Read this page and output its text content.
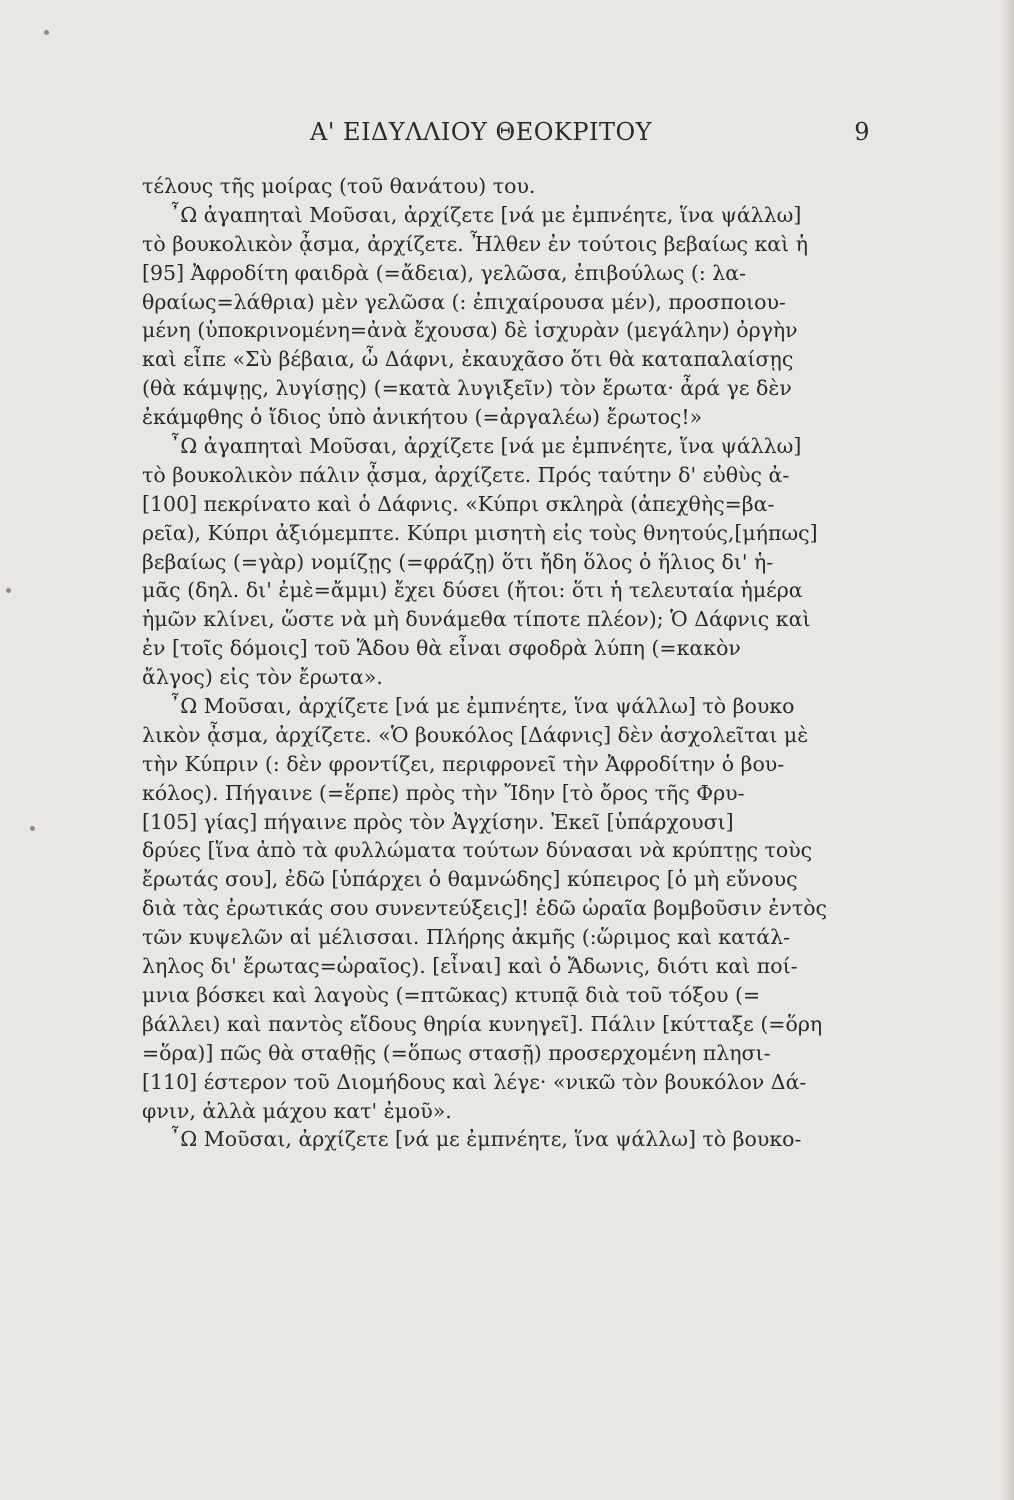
Α' ΕΙΔΥΛΛΙΟΥ ΘΕΟΚΡΙΤΟΥ	9
τέλους τῆς μοίρας (τοῦ θανάτου) του.
῏Ω ἀγαπηταὶ Μοῦσαι, ἀρχίζετε [νά με ἐμπνέητε, ἵνα ψάλλω]
τὸ βουκολικὸν ᾆσμα, ἀρχίζετε. Ἦλθεν ἐν τούτοις βεβαίως καὶ ἡ
[95] Ἀφροδίτη φαιδρὰ (=ἄδεια), γελῶσα, ἐπιβούλως (: λα-
θραίως=λάθρια) μὲν γελῶσα (: ἐπιχαίρουσα μέν), προσποιου-
μένη (ὑποκρινομένη=ἀνὰ ἔχουσα) δὲ ἰσχυρὰν (μεγάλην) ὀργὴν
καὶ εἶπε «Σὺ βέβαια, ὦ Δάφνι, ἐκαυχᾶσο ὅτι θὰ καταπαλαίσῃς
(θὰ κάμψῃς, λυγίσῃς) (=κατὰ λυγιξεῖν) τὸν ἔρωτα· ἆρά γε δὲν
ἐκάμφθης ὁ ἴδιος ὑπὸ ἀνικήτου (=ἀργαλέω) ἔρωτος!»
῏Ω ἀγαπηταὶ Μοῦσαι, ἀρχίζετε [νά με ἐμπνέητε, ἵνα ψάλλω]
τὸ βουκολικὸν πάλιν ᾆσμα, ἀρχίζετε. Πρός ταύτην δ' εὐθὺς ἀ-
[100] πεκρίνατο καὶ ὁ Δάφνις. «Κύπρι σκληρὰ (ἀπεχθὴς=βα-
ρεῖα), Κύπρι ἀξιόμεμπτε. Κύπρι μισητὴ εἰς τοὺς θνητούς,[μήπως]
βεβαίως (=γὰρ) νομίζῃς (=φράζῃ) ὅτι ἤδη ὅλος ὁ ἥλιος δι' ἡ-
μᾶς (δηλ. δι' ἐμὲ=ἄμμι) ἔχει δύσει (ἤτοι: ὅτι ἡ τελευταία ἡμέρα
ἡμῶν κλίνει, ὥστε νὰ μὴ δυνάμεθα τίποτε πλέον); Ὁ Δάφνις καὶ
ἐν [τοῖς δόμοις] τοῦ Ἅδου θὰ εἶναι σφοδρὰ λύπη (=κακὸν
ἄλγος) εἰς τὸν ἔρωτα».
῏Ω Μοῦσαι, ἀρχίζετε [νά με ἐμπνέητε, ἵνα ψάλλω] τὸ βουκο
λικὸν ᾆσμα, ἀρχίζετε. «Ὁ βουκόλος [Δάφνις] δὲν ἀσχολεῖται μὲ
τὴν Κύπριν (: δὲν φροντίζει, περιφρονεῖ τὴν Ἀφροδίτην ὁ βου-
κόλος). Πήγαινε (=ἕρπε) πρὸς τὴν Ἴδην [τὸ ὄρος τῆς Φρυ-
[105] γίας] πήγαινε πρὸς τὸν Ἀγχίσην. Ἐκεῖ [ὑπάρχουσι]
δρύες [ἵνα ἀπὸ τὰ φυλλώματα τούτων δύνασαι νὰ κρύπτῃς τοὺς
ἔρωτάς σου], ἐδῶ [ὑπάρχει ὁ θαμνώδης] κύπειρος [ὁ μὴ εὔνους
διὰ τὰς ἐρωτικάς σου συνεντεύξεις]! ἐδῶ ὡραῖα βομβοῦσιν ἐντὸς
τῶν κυψελῶν αἱ μέλισσαι. Πλήρης ἀκμῆς (:ὥριμος καὶ κατάλ-
ληλος δι' ἔρωτας=ὡραῖος). [εἶναι] καὶ ὁ Ἄδωνις, διότι καὶ ποί-
μνια βόσκει καὶ λαγοὺς (=πτῶκας) κτυπᾷ διὰ τοῦ τόξου (=
βάλλει) καὶ παντὸς εἴδους θηρία κυνηγεῖ]. Πάλιν [κύτταξε (=ὅρη
=ὅρα)] πῶς θὰ σταθῇς (=ὅπως στασῇ) προσερχομένη πλησι-
[110] έστερον τοῦ Διομήδους καὶ λέγε· «νικῶ τὸν βουκόλον Δά-
φνιν, ἀλλὰ μάχου κατ' ἐμοῦ».
῏Ω Μοῦσαι, ἀρχίζετε [νά με ἐμπνέητε, ἵνα ψάλλω] τὸ βουκο-
